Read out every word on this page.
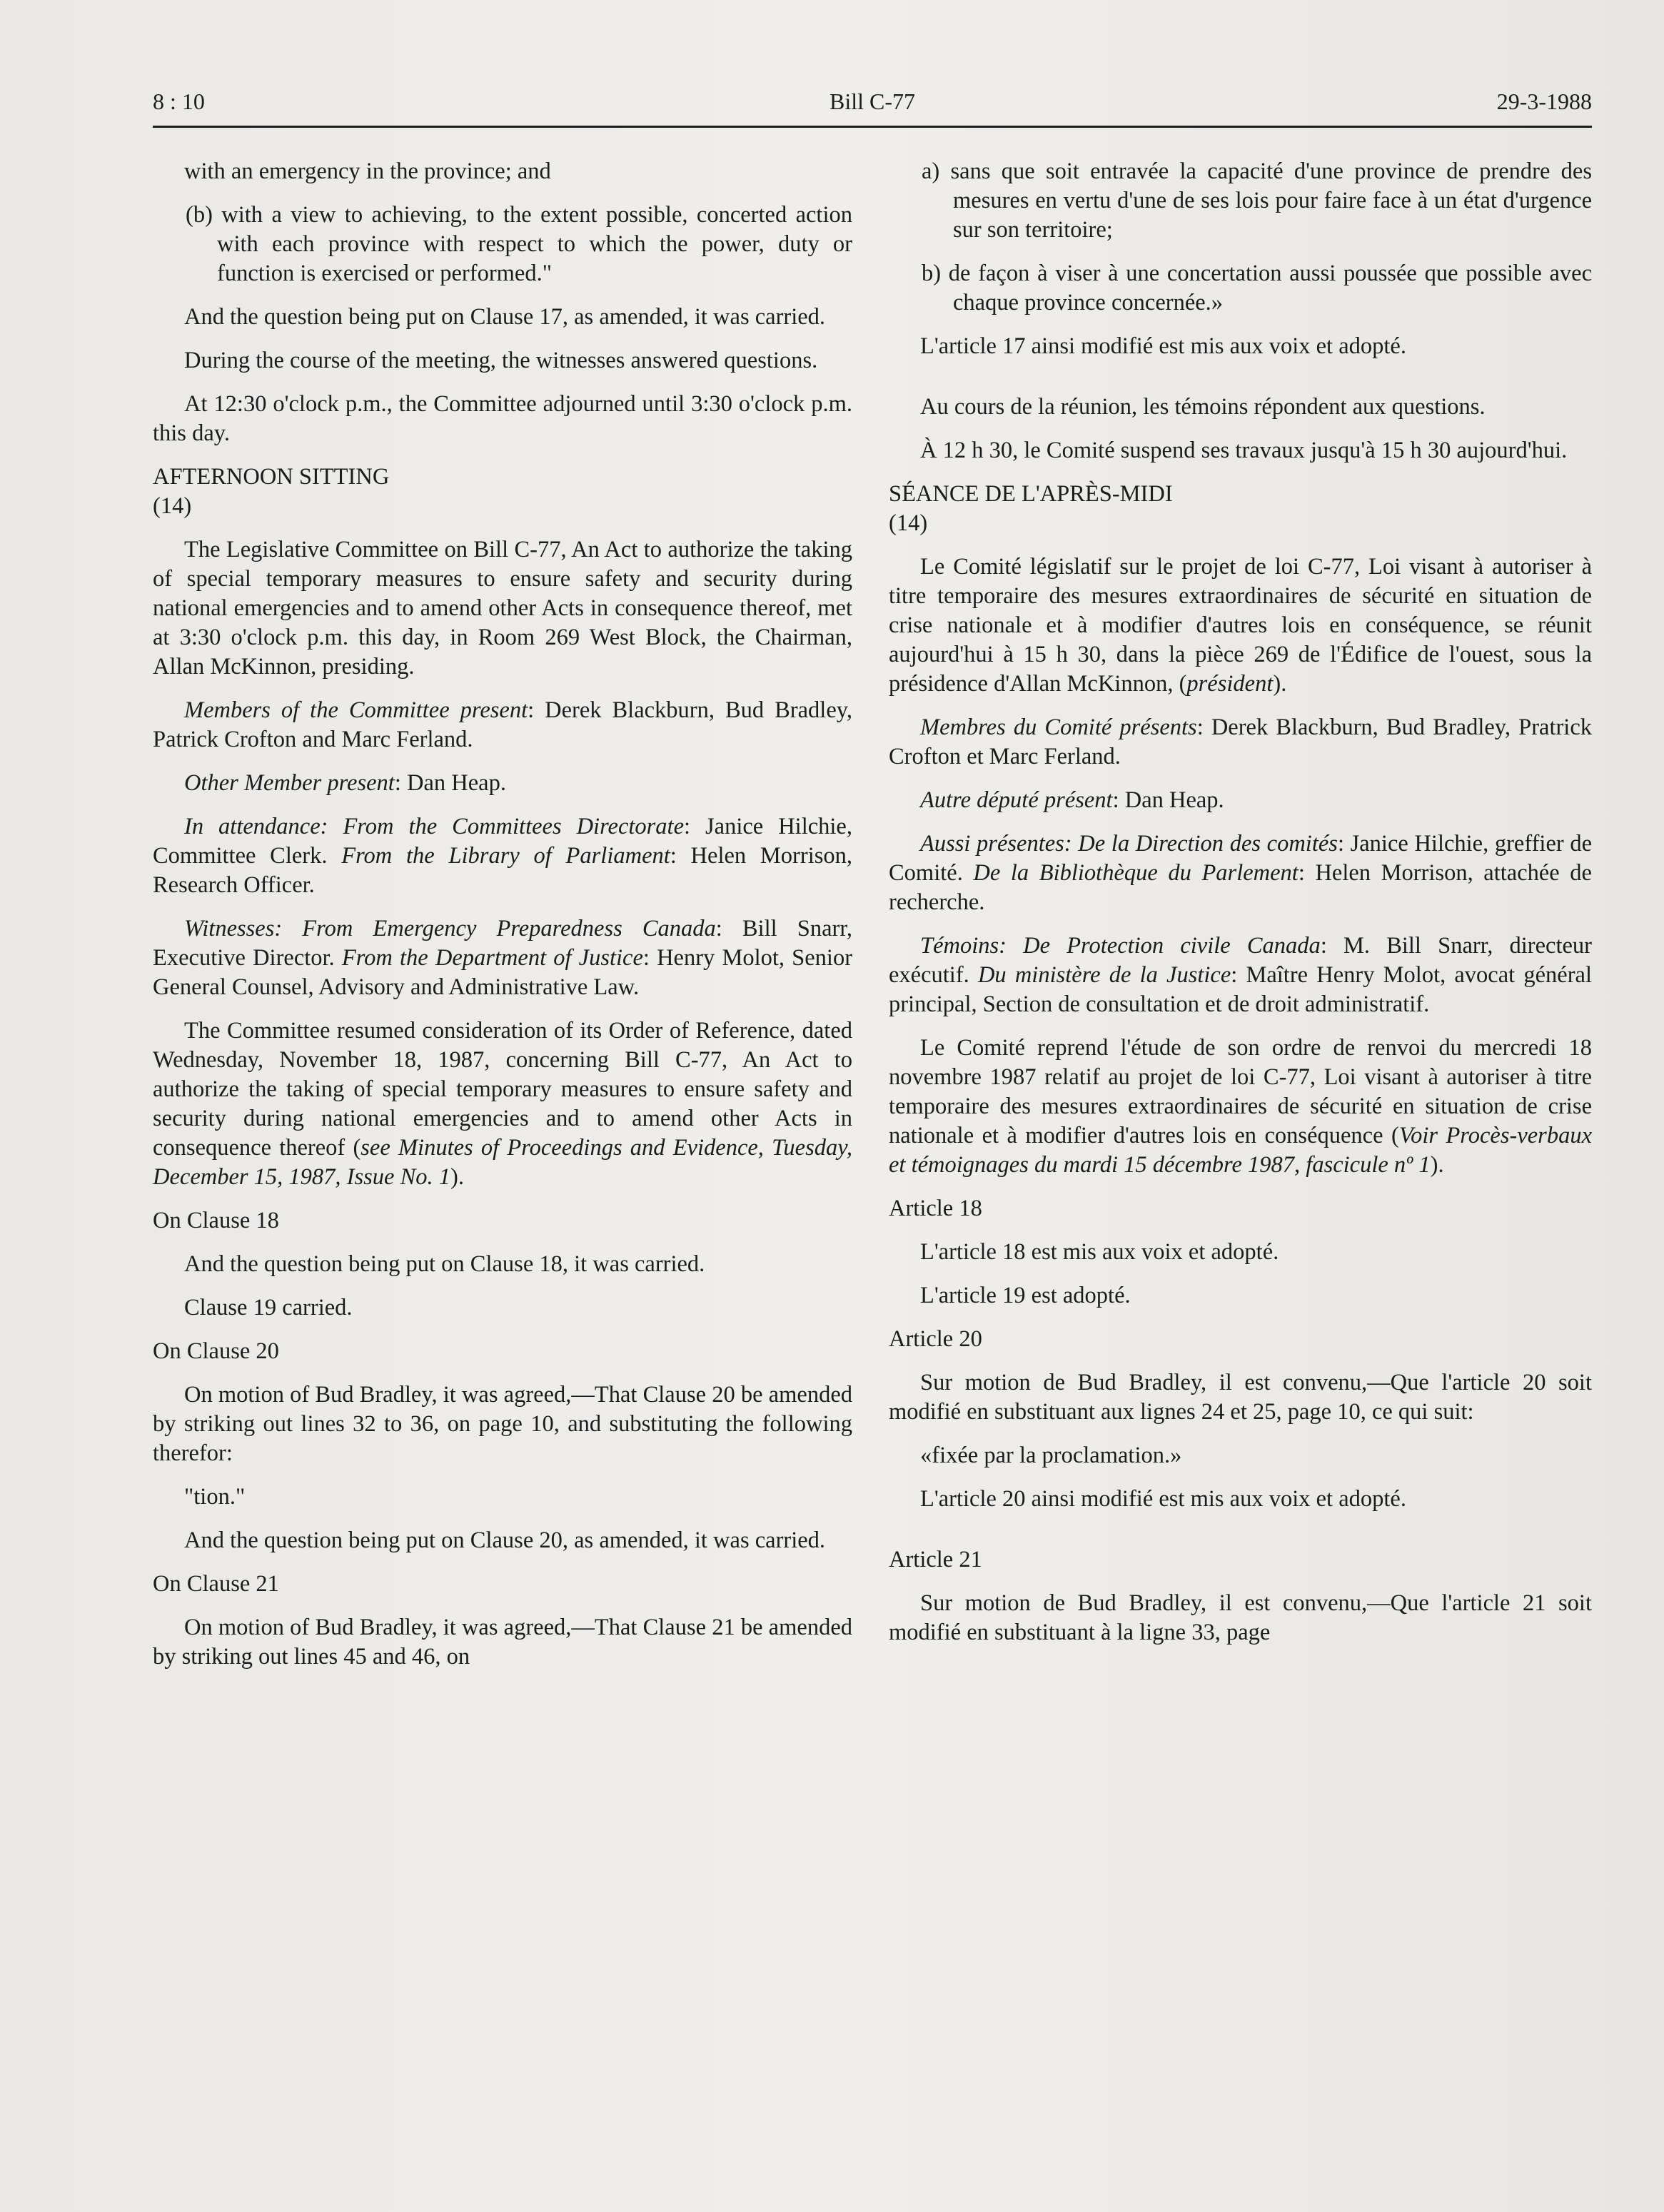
8 : 10	Bill C-77	29-3-1988

with an emergency in the province; and

(b) with a view to achieving, to the extent possible, concerted action with each province with respect to which the power, duty or function is exercised or performed."

And the question being put on Clause 17, as amended, it was carried.

During the course of the meeting, the witnesses answered questions.

At 12:30 o'clock p.m., the Committee adjourned until 3:30 o'clock p.m. this day.

AFTERNOON SITTING

(14)

The Legislative Committee on Bill C-77, An Act to authorize the taking of special temporary measures to ensure safety and security during national emergencies and to amend other Acts in consequence thereof, met at 3:30 o'clock p.m. this day, in Room 269 West Block, the Chairman, Allan McKinnon, presiding.

Members of the Committee present: Derek Blackburn, Bud Bradley, Patrick Crofton and Marc Ferland.

Other Member present: Dan Heap.

In attendance: From the Committees Directorate: Janice Hilchie, Committee Clerk. From the Library of Parliament: Helen Morrison, Research Officer.

Witnesses: From Emergency Preparedness Canada: Bill Snarr, Executive Director. From the Department of Justice: Henry Molot, Senior General Counsel, Advisory and Administrative Law.

The Committee resumed consideration of its Order of Reference, dated Wednesday, November 18, 1987, concerning Bill C-77, An Act to authorize the taking of special temporary measures to ensure safety and security during national emergencies and to amend other Acts in consequence thereof (see Minutes of Proceedings and Evidence, Tuesday, December 15, 1987, Issue No. 1).

On Clause 18

And the question being put on Clause 18, it was carried.

Clause 19 carried.

On Clause 20

On motion of Bud Bradley, it was agreed,—That Clause 20 be amended by striking out lines 32 to 36, on page 10, and substituting the following therefor:

"tion."

And the question being put on Clause 20, as amended, it was carried.

On Clause 21

On motion of Bud Bradley, it was agreed,—That Clause 21 be amended by striking out lines 45 and 46, on

a) sans que soit entravée la capacité d'une province de prendre des mesures en vertu d'une de ses lois pour faire face à un état d'urgence sur son territoire;

b) de façon à viser à une concertation aussi poussée que possible avec chaque province concernée.»

L'article 17 ainsi modifié est mis aux voix et adopté.

Au cours de la réunion, les témoins répondent aux questions.

À 12 h 30, le Comité suspend ses travaux jusqu'à 15 h 30 aujourd'hui.

SÉANCE DE L'APRÈS-MIDI

(14)

Le Comité législatif sur le projet de loi C-77, Loi visant à autoriser à titre temporaire des mesures extraordinaires de sécurité en situation de crise nationale et à modifier d'autres lois en conséquence, se réunit aujourd'hui à 15 h 30, dans la pièce 269 de l'Édifice de l'ouest, sous la présidence d'Allan McKinnon, (président).

Membres du Comité présents: Derek Blackburn, Bud Bradley, Pratrick Crofton et Marc Ferland.

Autre député présent: Dan Heap.

Aussi présentes: De la Direction des comités: Janice Hilchie, greffier de Comité. De la Bibliothèque du Parlement: Helen Morrison, attachée de recherche.

Témoins: De Protection civile Canada: M. Bill Snarr, directeur exécutif. Du ministère de la Justice: Maître Henry Molot, avocat général principal, Section de consultation et de droit administratif.

Le Comité reprend l'étude de son ordre de renvoi du mercredi 18 novembre 1987 relatif au projet de loi C-77, Loi visant à autoriser à titre temporaire des mesures extraordinaires de sécurité en situation de crise nationale et à modifier d'autres lois en conséquence (Voir Procès-verbaux et témoignages du mardi 15 décembre 1987, fascicule nº 1).

Article 18

L'article 18 est mis aux voix et adopté.

L'article 19 est adopté.

Article 20

Sur motion de Bud Bradley, il est convenu,—Que l'article 20 soit modifié en substituant aux lignes 24 et 25, page 10, ce qui suit:

«fixée par la proclamation.»

L'article 20 ainsi modifié est mis aux voix et adopté.

Article 21

Sur motion de Bud Bradley, il est convenu,—Que l'article 21 soit modifié en substituant à la ligne 33, page
